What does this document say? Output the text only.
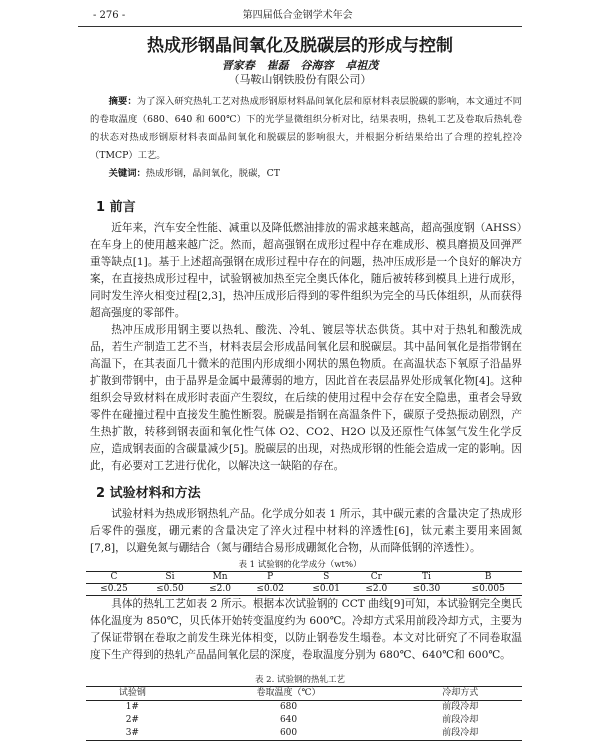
- 276 -	第四届低合金钢学术年会
热成形钢晶间氧化及脱碳层的形成与控制
晋家春 崔磊 谷海容 卓祖茂
（马鞍山钢铁股份有限公司）
摘要：为了深入研究热轧工艺对热成形钢原材料晶间氧化层和原材料表层脱碳的影响，本文通过不同的卷取温度（680、640 和 600℃）下的光学显微组织分析对比，结果表明，热轧工艺及卷取后热轧卷的状态对热成形钢原材料表面晶间氧化和脱碳层的影响很大，并根据分析结果给出了合理的控轧控冷（TMCP）工艺。
关键词：热成形钢，晶间氧化，脱碳，CT
1 前言
近年来，汽车安全性能、减重以及降低燃油排放的需求越来越高，超高强度钢（AHSS）在车身上的使用越来越广泛。然而，超高强钢在成形过程中存在难成形、模具磨损及回弹严重等缺点[1]。基于上述超高强钢在成形过程中存在的问题，热冲压成形是一个良好的解决方案，在直接热成形过程中，试验钢被加热至完全奥氏体化，随后被转移到模具上进行成形，同时发生淬火相变过程[2,3]，热冲压成形后得到的零件组织为完全的马氏体组织，从而获得超高强度的零部件。
热冲压成形用钢主要以热轧、酸洗、冷轧、镀层等状态供货。其中对于热轧和酸洗成品，若生产制造工艺不当，材料表层会形成晶间氧化层和脱碳层。其中晶间氧化是指带钢在高温下，在其表面几十微米的范围内形成细小网状的黑色物质。在高温状态下氧原子沿晶界扩散到带钢中，由于晶界是金属中最薄弱的地方，因此首在表层晶界处形成氧化物[4]。这种组织会导致材料在成形时表面产生裂纹，在后续的使用过程中会存在安全隐患，重者会导致零件在碰撞过程中直接发生脆性断裂。脱碳是指钢在高温条件下，碳原子受热振动剧烈，产生热扩散，转移到钢表面和氧化性气体 O2、CO2、H2O 以及还原性气体氢气发生化学反应，造成钢表面的含碳量减少[5]。脱碳层的出现，对热成形钢的性能会造成一定的影响。因此，有必要对工艺进行优化，以解决这一缺陷的存在。
2 试验材料和方法
试验材料为热成形钢热轧产品。化学成分如表 1 所示，其中碳元素的含量决定了热成形后零件的强度，硼元素的含量决定了淬火过程中材料的淬透性[6]，钛元素主要用来固氮[7,8]，以避免氮与硼结合（氮与硼结合易形成硼氮化合物，从而降低钢的淬透性）。
表 1 试验钢的化学成分（wt%）
C	Si	Mn	P	S	Cr	Ti	B
≤0.25	≤0.50	≤2.0	≤0.02	≤0.01	≤2.0	≤0.30	≤0.005
具体的热轧工艺如表 2 所示。根据本次试验钢的 CCT 曲线[9]可知，本试验钢完全奥氏体化温度为 850℃，贝氏体开始转变温度约为 600℃。冷却方式采用前段冷却方式，主要为了保证带钢在卷取之前发生珠光体相变，以防止钢卷发生塌卷。本文对比研究了不同卷取温度下生产得到的热轧产品晶间氧化层的深度，卷取温度分别为 680℃、640℃和 600℃。
表 2. 试验钢的热轧工艺
试验钢	卷取温度（℃）	冷却方式
1#	680	前段冷却
2#	640	前段冷却
3#	600	前段冷却
